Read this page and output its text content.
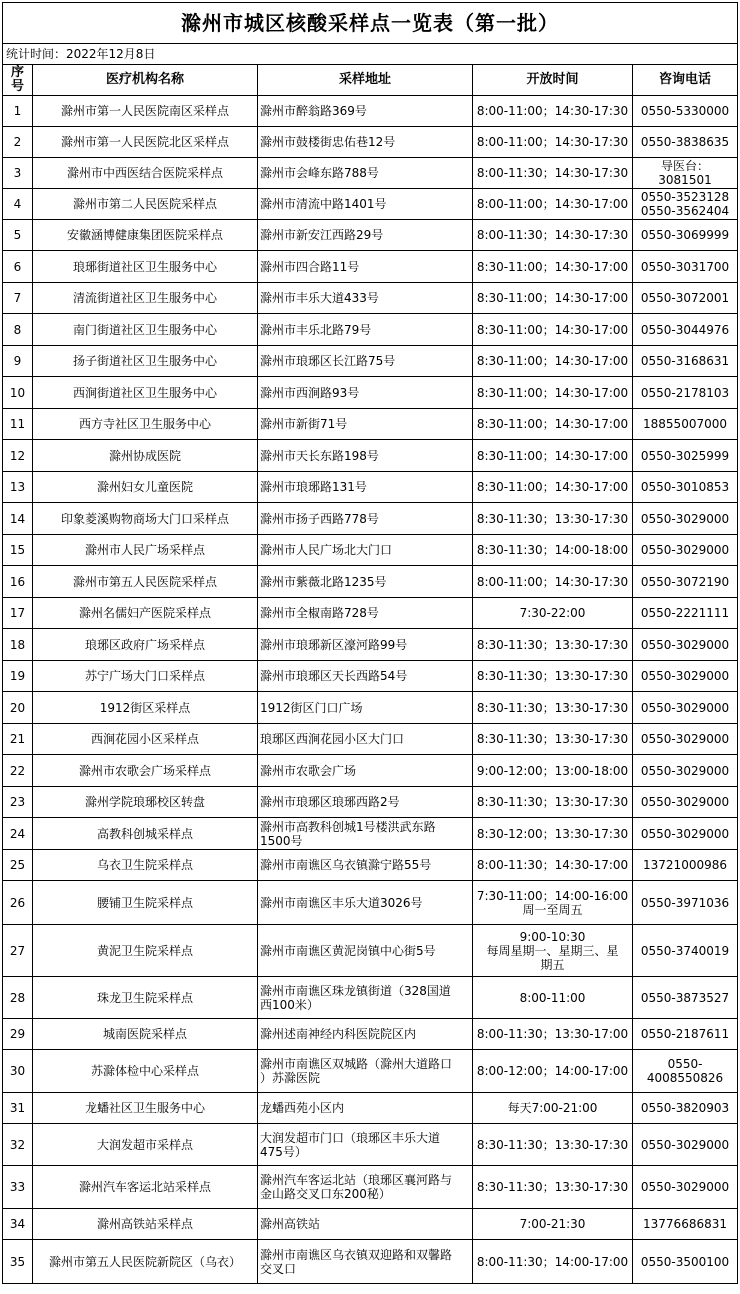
滁州市城区核酸采样点一览表（第一批）				
统计时间：2022年12月8日				
序号	医疗机构名称	采样地址	开放时间	咨询电话
1	滁州市第一人民医院南区采样点	滁州市醉翁路369号	8:00-11:00；14:30-17:30	0550-5330000
2	滁州市第一人民医院北区采样点	滁州市鼓楼街忠佑巷12号	8:00-11:00；14:30-17:30	0550-3838635
3	滁州市中西医结合医院采样点	滁州市会峰东路788号	8:00-11:30；14:30-17:30	导医台：3081501
4	滁州市第二人民医院采样点	滁州市清流中路1401号	8:00-11:00；14:30-17:00	0550-3523128
0550-3562404
5	安徽涵博健康集团医院采样点	滁州市新安江西路29号	8:00-11:30；14:30-17:30	0550-3069999
6	琅琊街道社区卫生服务中心	滁州市四合路11号	8:30-11:00；14:30-17:00	0550-3031700
7	清流街道社区卫生服务中心	滁州市丰乐大道433号	8:30-11:00；14:30-17:00	0550-3072001
8	南门街道社区卫生服务中心	滁州市丰乐北路79号	8:30-11:00；14:30-17:00	0550-3044976
9	扬子街道社区卫生服务中心	滁州市琅琊区长江路75号	8:30-11:00；14:30-17:00	0550-3168631
10	西涧街道社区卫生服务中心	滁州市西涧路93号	8:30-11:00；14:30-17:00	0550-2178103
11	西方寺社区卫生服务中心	滁州市新街71号	8:30-11:00；14:30-17:00	18855007000
12	滁州协成医院	滁州市天长东路198号	8:30-11:00；14:30-17:00	0550-3025999
13	滁州妇女儿童医院	滁州市琅琊路131号	8:30-11:00；14:30-17:00	0550-3010853
14	印象菱溪购物商场大门口采样点	滁州市扬子西路778号	8:30-11:30；13:30-17:30	0550-3029000
15	滁州市人民广场采样点	滁州市人民广场北大门口	8:30-11:30；14:00-18:00	0550-3029000
16	滁州市第五人民医院采样点	滁州市紫薇北路1235号	8:00-11:00；14:30-17:30	0550-3072190
17	滁州名儒妇产医院采样点	滁州市全椒南路728号	7:30-22:00	0550-2221111
18	琅琊区政府广场采样点	滁州市琅琊新区濠河路99号	8:30-11:30；13:30-17:30	0550-3029000
19	苏宁广场大门口采样点	滁州市琅琊区天长西路54号	8:30-11:30；13:30-17:30	0550-3029000
20	1912街区采样点	1912街区门口广场	8:30-11:30；13:30-17:30	0550-3029000
21	西涧花园小区采样点	琅琊区西涧花园小区大门口	8:30-11:30；13:30-17:30	0550-3029000
22	滁州市农歌会广场采样点	滁州市农歌会广场	9:00-12:00；13:00-18:00	0550-3029000
23	滁州学院琅琊校区转盘	滁州市琅琊区琅琊西路2号	8:30-11:30；13:30-17:30	0550-3029000
24	高教科创城采样点	滁州市高教科创城1号楼洪武东路
1500号	8:30-12:00；13:30-17:30	0550-3029000
25	乌衣卫生院采样点	滁州市南谯区乌衣镇滁宁路55号	8:00-11:30；14:30-17:00	13721000986
26	腰铺卫生院采样点	滁州市南谯区丰乐大道3026号	7:30-11:00；14:00-16:00
周一至周五	0550-3971036
27	黄泥卫生院采样点	滁州市南谯区黄泥岗镇中心街5号	9:00-10:30
每周星期一、星期三、星
期五	0550-3740019
28	珠龙卫生院采样点	滁州市南谯区珠龙镇街道（328国道
西100米）	8:00-11:00	0550-3873527
29	城南医院采样点	滁州述南神经内科医院院区内	8:00-11:30；13:30-17:00	0550-2187611
30	苏滁体检中心采样点	滁州市南谯区双城路（滁州大道路口
）苏滁医院	8:00-12:00；14:00-17:00	0550-4008550826
31	龙蟠社区卫生服务中心	龙蟠西苑小区内	每天7:00-21:00	0550-3820903
32	大润发超市采样点	大润发超市门口（琅琊区丰乐大道
475号）	8:30-11:30；13:30-17:30	0550-3029000
33	滁州汽车客运北站采样点	滁州汽车客运北站（琅琊区襄河路与
金山路交叉口东200秘）	8:30-11:30；13:30-17:30	0550-3029000
34	滁州高铁站采样点	滁州高铁站	7:00-21:30	13776686831
35	滁州市第五人民医院新院区（乌衣）	滁州市南谯区乌衣镇双迎路和双馨路
交叉口	8:00-11:30；14:00-17:00	0550-3500100
